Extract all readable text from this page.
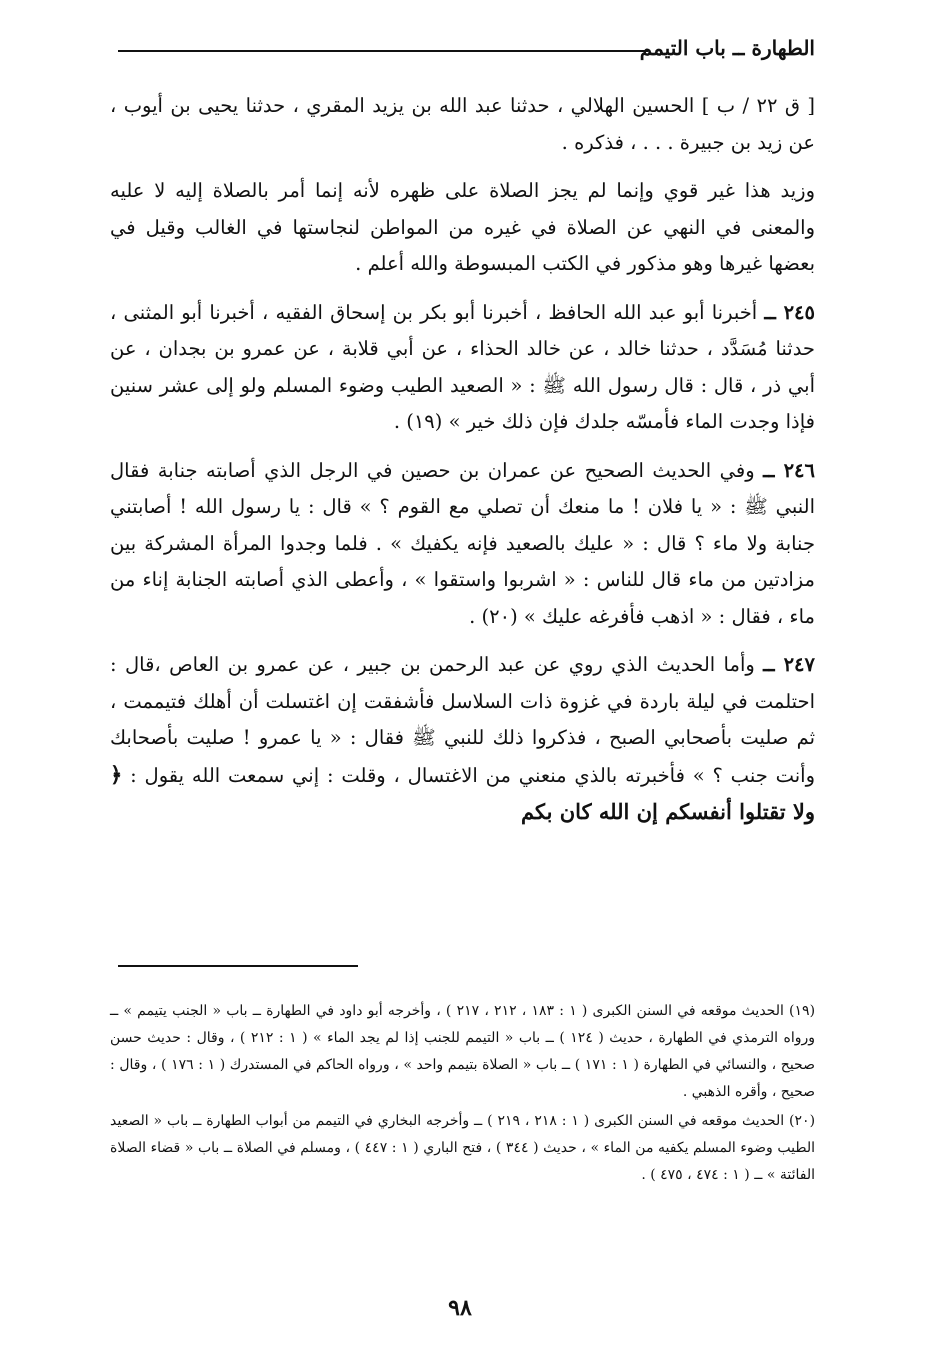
الطهارة ــ باب التيمم

[ ق ٢٢ / ب ] الحسين الهلالي ، حدثنا عبد الله بن يزيد المقري ، حدثنا يحيى بن أيوب ، عن زيد بن جبيرة . . . ، فذكره .

وزيد هذا غير قوي وإنما لم يجز الصلاة على ظهره لأنه إنما أمر بالصلاة إليه لا عليه والمعنى في النهي عن الصلاة في غيره من المواطن لنجاستها في الغالب وقيل في بعضها غيرها وهو مذكور في الكتب المبسوطة والله أعلم .

٢٤٥ ــ أخبرنا أبو عبد الله الحافظ ، أخبرنا أبو بكر بن إسحاق الفقيه ، أخبرنا أبو المثنى ، حدثنا مُسَدَّد ، حدثنا خالد ، عن خالد الحذاء ، عن أبي قلابة ، عن عمرو بن بجدان ، عن أبي ذر ، قال : قال رسول الله ﷺ : « الصعيد الطيب وضوء المسلم ولو إلى عشر سنين فإذا وجدت الماء فأمسّه جلدك فإن ذلك خير » (١٩) .

٢٤٦ ــ وفي الحديث الصحيح عن عمران بن حصين في الرجل الذي أصابته جنابة فقال النبي ﷺ : « يا فلان ! ما منعك أن تصلي مع القوم ؟ » قال : يا رسول الله ! أصابتني جنابة ولا ماء ؟ قال : « عليك بالصعيد فإنه يكفيك » . فلما وجدوا المرأة المشركة بين مزادتين من ماء قال للناس : « اشربوا واستقوا » ، وأعطى الذي أصابته الجنابة إناء من ماء ، فقال : « اذهب فأفرغه عليك » (٢٠) .

٢٤٧ ــ وأما الحديث الذي روي عن عبد الرحمن بن جبير ، عن عمرو بن العاص ،قال : احتلمت في ليلة باردة في غزوة ذات السلاسل فأشفقت إن اغتسلت أن أهلك فتيممت ، ثم صليت بأصحابي الصبح ، فذكروا ذلك للنبي ﷺ فقال : « يا عمرو ! صليت بأصحابك وأنت جنب ؟ » فأخبرته بالذي منعني من الاغتسال ، وقلت : إني سمعت الله يقول : ﴿ ولا تقتلوا أنفسكم إن الله كان بكم

(١٩) الحديث موقعه في السنن الكبرى ( ١ : ١٨٣ ، ٢١٢ ، ٢١٧ ) ، وأخرجه أبو داود في الطهارة ــ باب « الجنب يتيمم » ــ ورواه الترمذي في الطهارة ، حديث ( ١٢٤ ) ــ باب « التيمم للجنب إذا لم يجد الماء » ( ١ : ٢١٢ ) ، وقال : حديث حسن صحيح ، والنسائي في الطهارة ( ١ : ١٧١ ) ــ باب « الصلاة بتيمم واحد » ، ورواه الحاكم في المستدرك ( ١ : ١٧٦ ) ، وقال : صحيح ، وأقره الذهبي .

(٢٠) الحديث موقعه في السنن الكبرى ( ١ : ٢١٨ ، ٢١٩ ) ــ وأخرجه البخاري في التيمم من أبواب الطهارة ــ باب « الصعيد الطيب وضوء المسلم يكفيه من الماء » ، حديث ( ٣٤٤ ) ، فتح الباري ( ١ : ٤٤٧ ) ، ومسلم في الصلاة ــ باب « قضاء الصلاة الفائتة » ــ ( ١ : ٤٧٤ ، ٤٧٥ ) .

٩٨
